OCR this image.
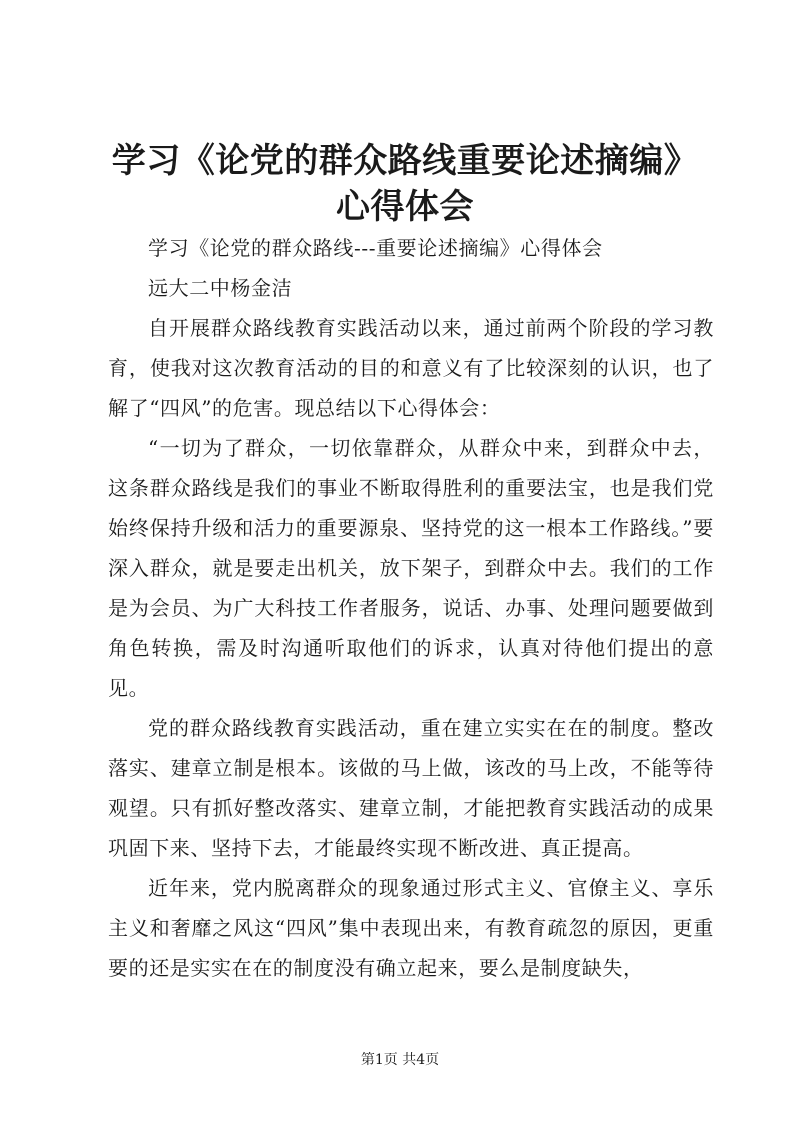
学习《论党的群众路线重要论述摘编》心得体会

学习《论党的群众路线---重要论述摘编》心得体会

远大二中杨金洁

自开展群众路线教育实践活动以来，通过前两个阶段的学习教育，使我对这次教育活动的目的和意义有了比较深刻的认识，也了解了“四风”的危害。现总结以下心得体会：

“一切为了群众，一切依靠群众，从群众中来，到群众中去，这条群众路线是我们的事业不断取得胜利的重要法宝，也是我们党始终保持升级和活力的重要源泉、坚持党的这一根本工作路线。”要深入群众，就是要走出机关，放下架子，到群众中去。我们的工作是为会员、为广大科技工作者服务，说话、办事、处理问题要做到角色转换，需及时沟通听取他们的诉求，认真对待他们提出的意见。

党的群众路线教育实践活动，重在建立实实在在的制度。整改落实、建章立制是根本。该做的马上做，该改的马上改，不能等待观望。只有抓好整改落实、建章立制，才能把教育实践活动的成果巩固下来、坚持下去，才能最终实现不断改进、真正提高。

近年来，党内脱离群众的现象通过形式主义、官僚主义、享乐主义和奢靡之风这“四风”集中表现出来，有教育疏忽的原因，更重要的还是实实在在的制度没有确立起来，要么是制度缺失，

第1页 共4页
